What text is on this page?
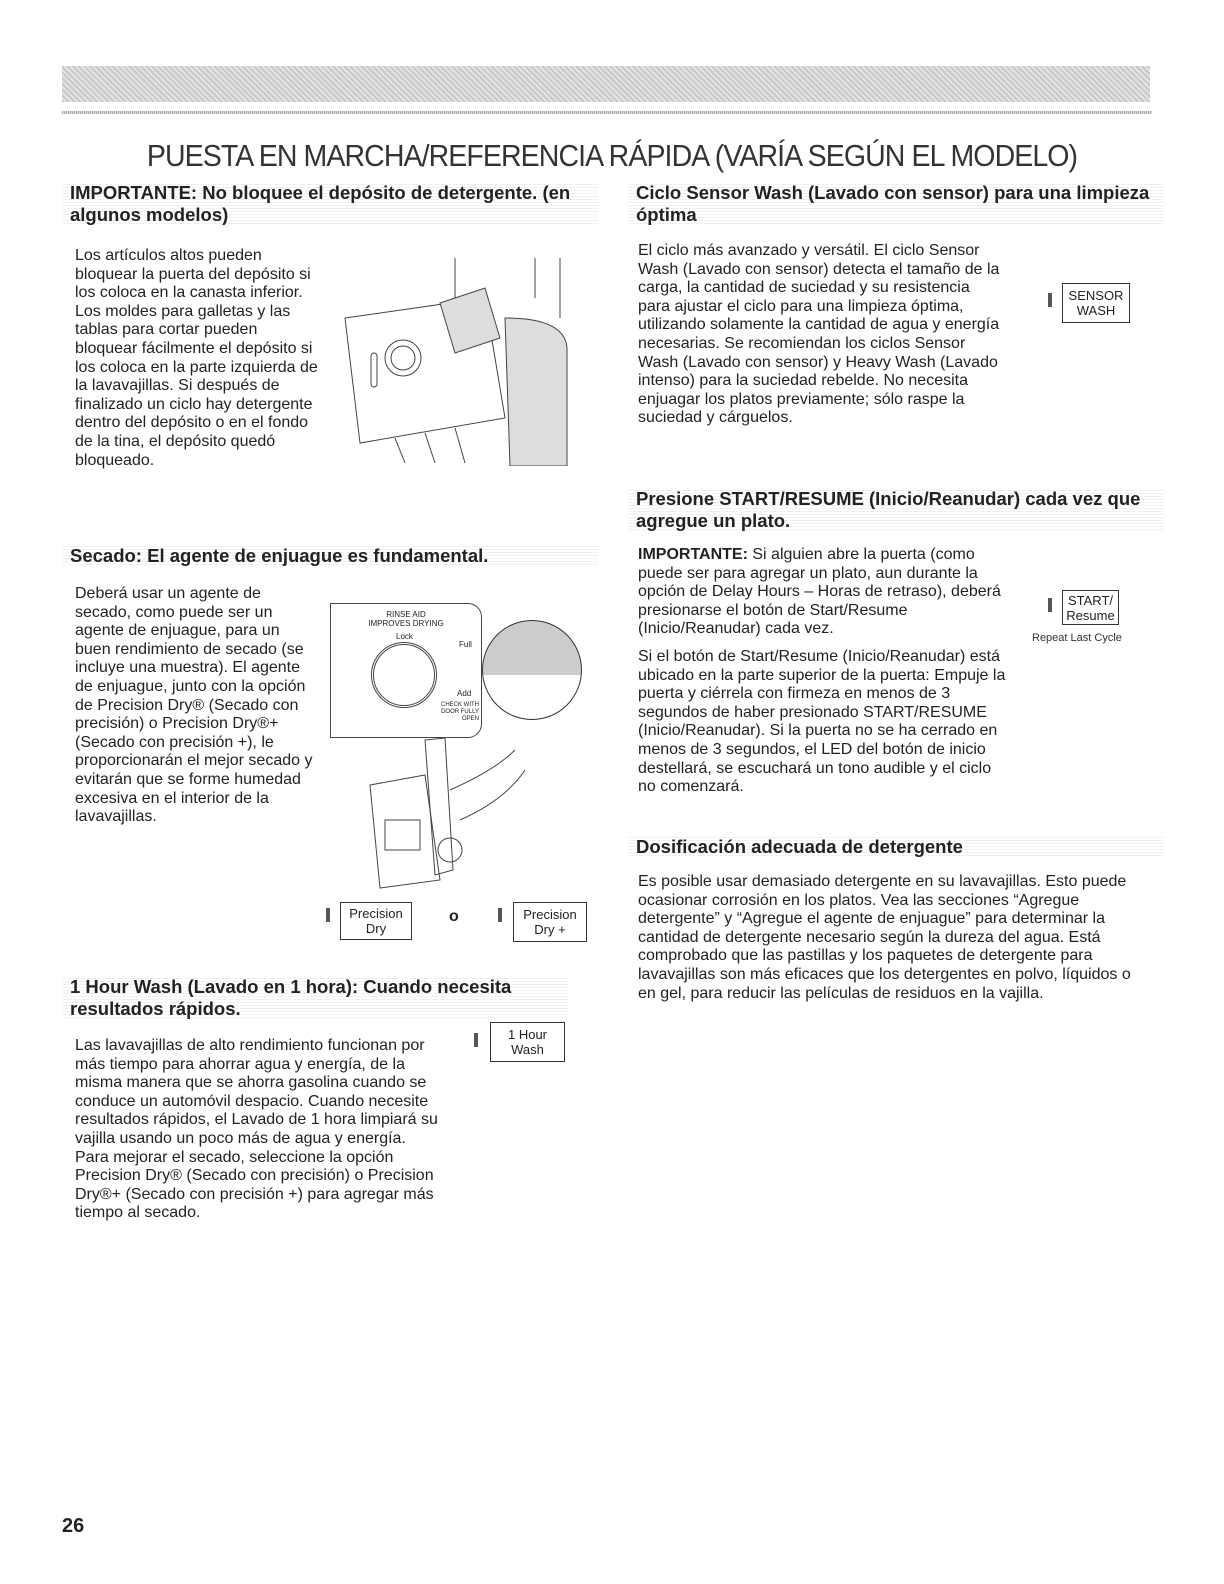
PUESTA EN MARCHA/REFERENCIA RÁPIDA (VARÍA SEGÚN EL MODELO)
IMPORTANTE: No bloquee el depósito de detergente. (en algunos modelos)
Los artículos altos pueden bloquear la puerta del depósito si los coloca en la canasta inferior. Los moldes para galletas y las tablas para cortar pueden bloquear fácilmente el depósito si los coloca en la parte izquierda de la lavavajillas. Si después de finalizado un ciclo hay detergente dentro del depósito o en el fondo de la tina, el depósito quedó bloqueado.
Secado: El agente de enjuague es fundamental.
Deberá usar un agente de secado, como puede ser un agente de enjuague, para un buen rendimiento de secado (se incluye una muestra). El agente de enjuague, junto con la opción de Precision Dry® (Secado con precisión) o Precision Dry®+ (Secado con precisión +), le proporcionarán el mejor secado y evitarán que se forme humedad excesiva en el interior de la lavavajillas.
RINSE AID
IMPROVES DRYING
Lock
Full
Add
CHECK WITH DOOR FULLY OPEN
Precision
Dry
o	Precision
Dry +
1 Hour Wash (Lavado en 1 hora): Cuando necesita resultados rápidos.
Las lavavajillas de alto rendimiento funcionan por más tiempo para ahorrar agua y energía, de la misma manera que se ahorra gasolina cuando se conduce un automóvil despacio. Cuando necesite resultados rápidos, el Lavado de 1 hora limpiará su vajilla usando un poco más de agua y energía. Para mejorar el secado, seleccione la opción Precision Dry® (Secado con precisión) o Precision Dry®+ (Secado con precisión +) para agregar más tiempo al secado.
1 Hour
Wash
Ciclo Sensor Wash (Lavado con sensor) para una limpieza óptima
El ciclo más avanzado y versátil. El ciclo Sensor Wash (Lavado con sensor) detecta el tamaño de la carga, la cantidad de suciedad y su resistencia para ajustar el ciclo para una limpieza óptima, utilizando solamente la cantidad de agua y energía necesarias. Se recomiendan los ciclos Sensor Wash (Lavado con sensor) y Heavy Wash (Lavado intenso) para la suciedad rebelde. No necesita enjuagar los platos previamente; sólo raspe la suciedad y cárguelos.
SENSOR
WASH
Presione START/RESUME (Inicio/Reanudar) cada vez que agregue un plato.
IMPORTANTE: Si alguien abre la puerta (como puede ser para agregar un plato, aun durante la opción de Delay Hours – Horas de retraso), deberá presionarse el botón de Start/Resume (Inicio/Reanudar) cada vez.
Si el botón de Start/Resume (Inicio/Reanudar) está ubicado en la parte superior de la puerta: Empuje la puerta y ciérrela con firmeza en menos de 3 segundos de haber presionado START/RESUME (Inicio/Reanudar). Si la puerta no se ha cerrado en menos de 3 segundos, el LED del botón de inicio destellará, se escuchará un tono audible y el ciclo no comenzará.
START/
Resume
Repeat Last Cycle
Dosificación adecuada de detergente
Es posible usar demasiado detergente en su lavavajillas. Esto puede ocasionar corrosión en los platos. Vea las secciones “Agregue detergente” y “Agregue el agente de enjuague” para determinar la cantidad de detergente necesario según la dureza del agua. Está comprobado que las pastillas y los paquetes de detergente para lavavajillas son más eficaces que los detergentes en polvo, líquidos o en gel, para reducir las películas de residuos en la vajilla.
26
